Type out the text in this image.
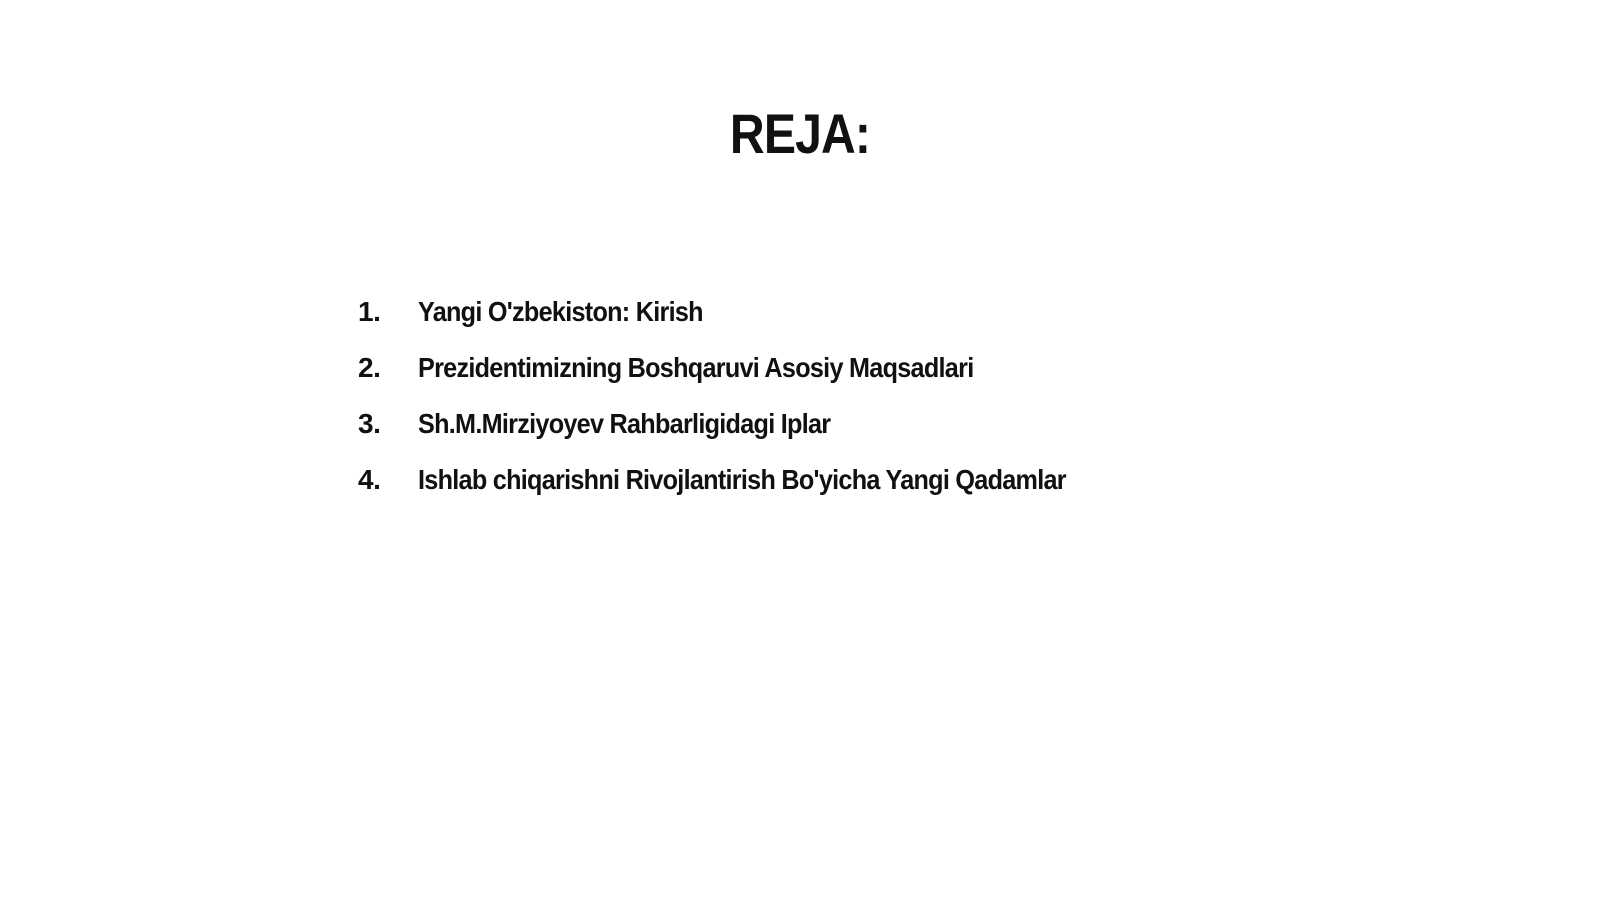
REJA:
1.	Yangi O'zbekiston: Kirish
2.	Prezidentimizning Boshqaruvi Asosiy Maqsadlari
3.	Sh.M.Mirziyoyev Rahbarligidagi Iplar
4.	Ishlab chiqarishni Rivojlantirish Bo'yicha Yangi Qadamlar
